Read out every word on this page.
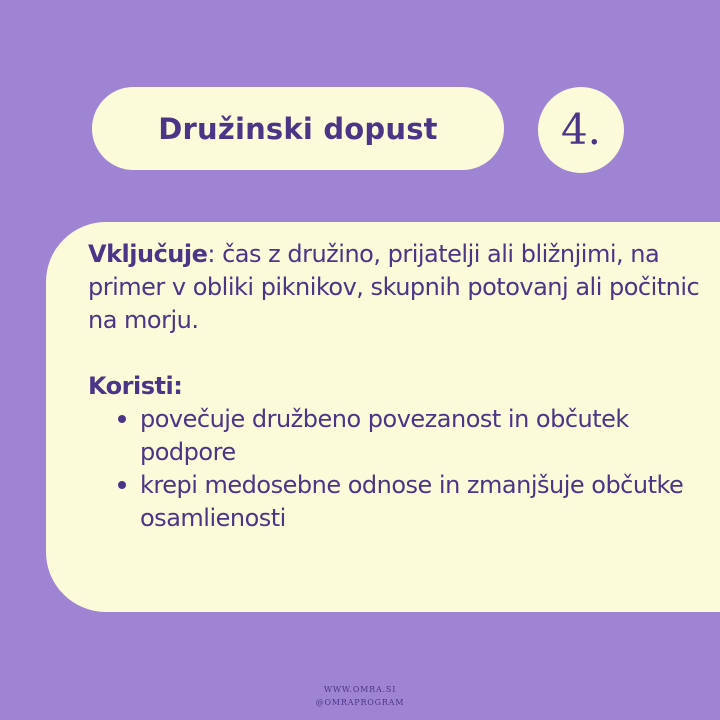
Družinski dopust	4.

Vključuje: čas z družino, prijatelji ali bližnjimi, na primer v obliki piknikov, skupnih potovanj ali počitnic na morju.

Koristi:

povečuje družbeno povezanost in občutek podpore
krepi medosebne odnose in zmanjšuje občutke osamlienosti
WWW.OMRA.SI
@OMRAPROGRAM
